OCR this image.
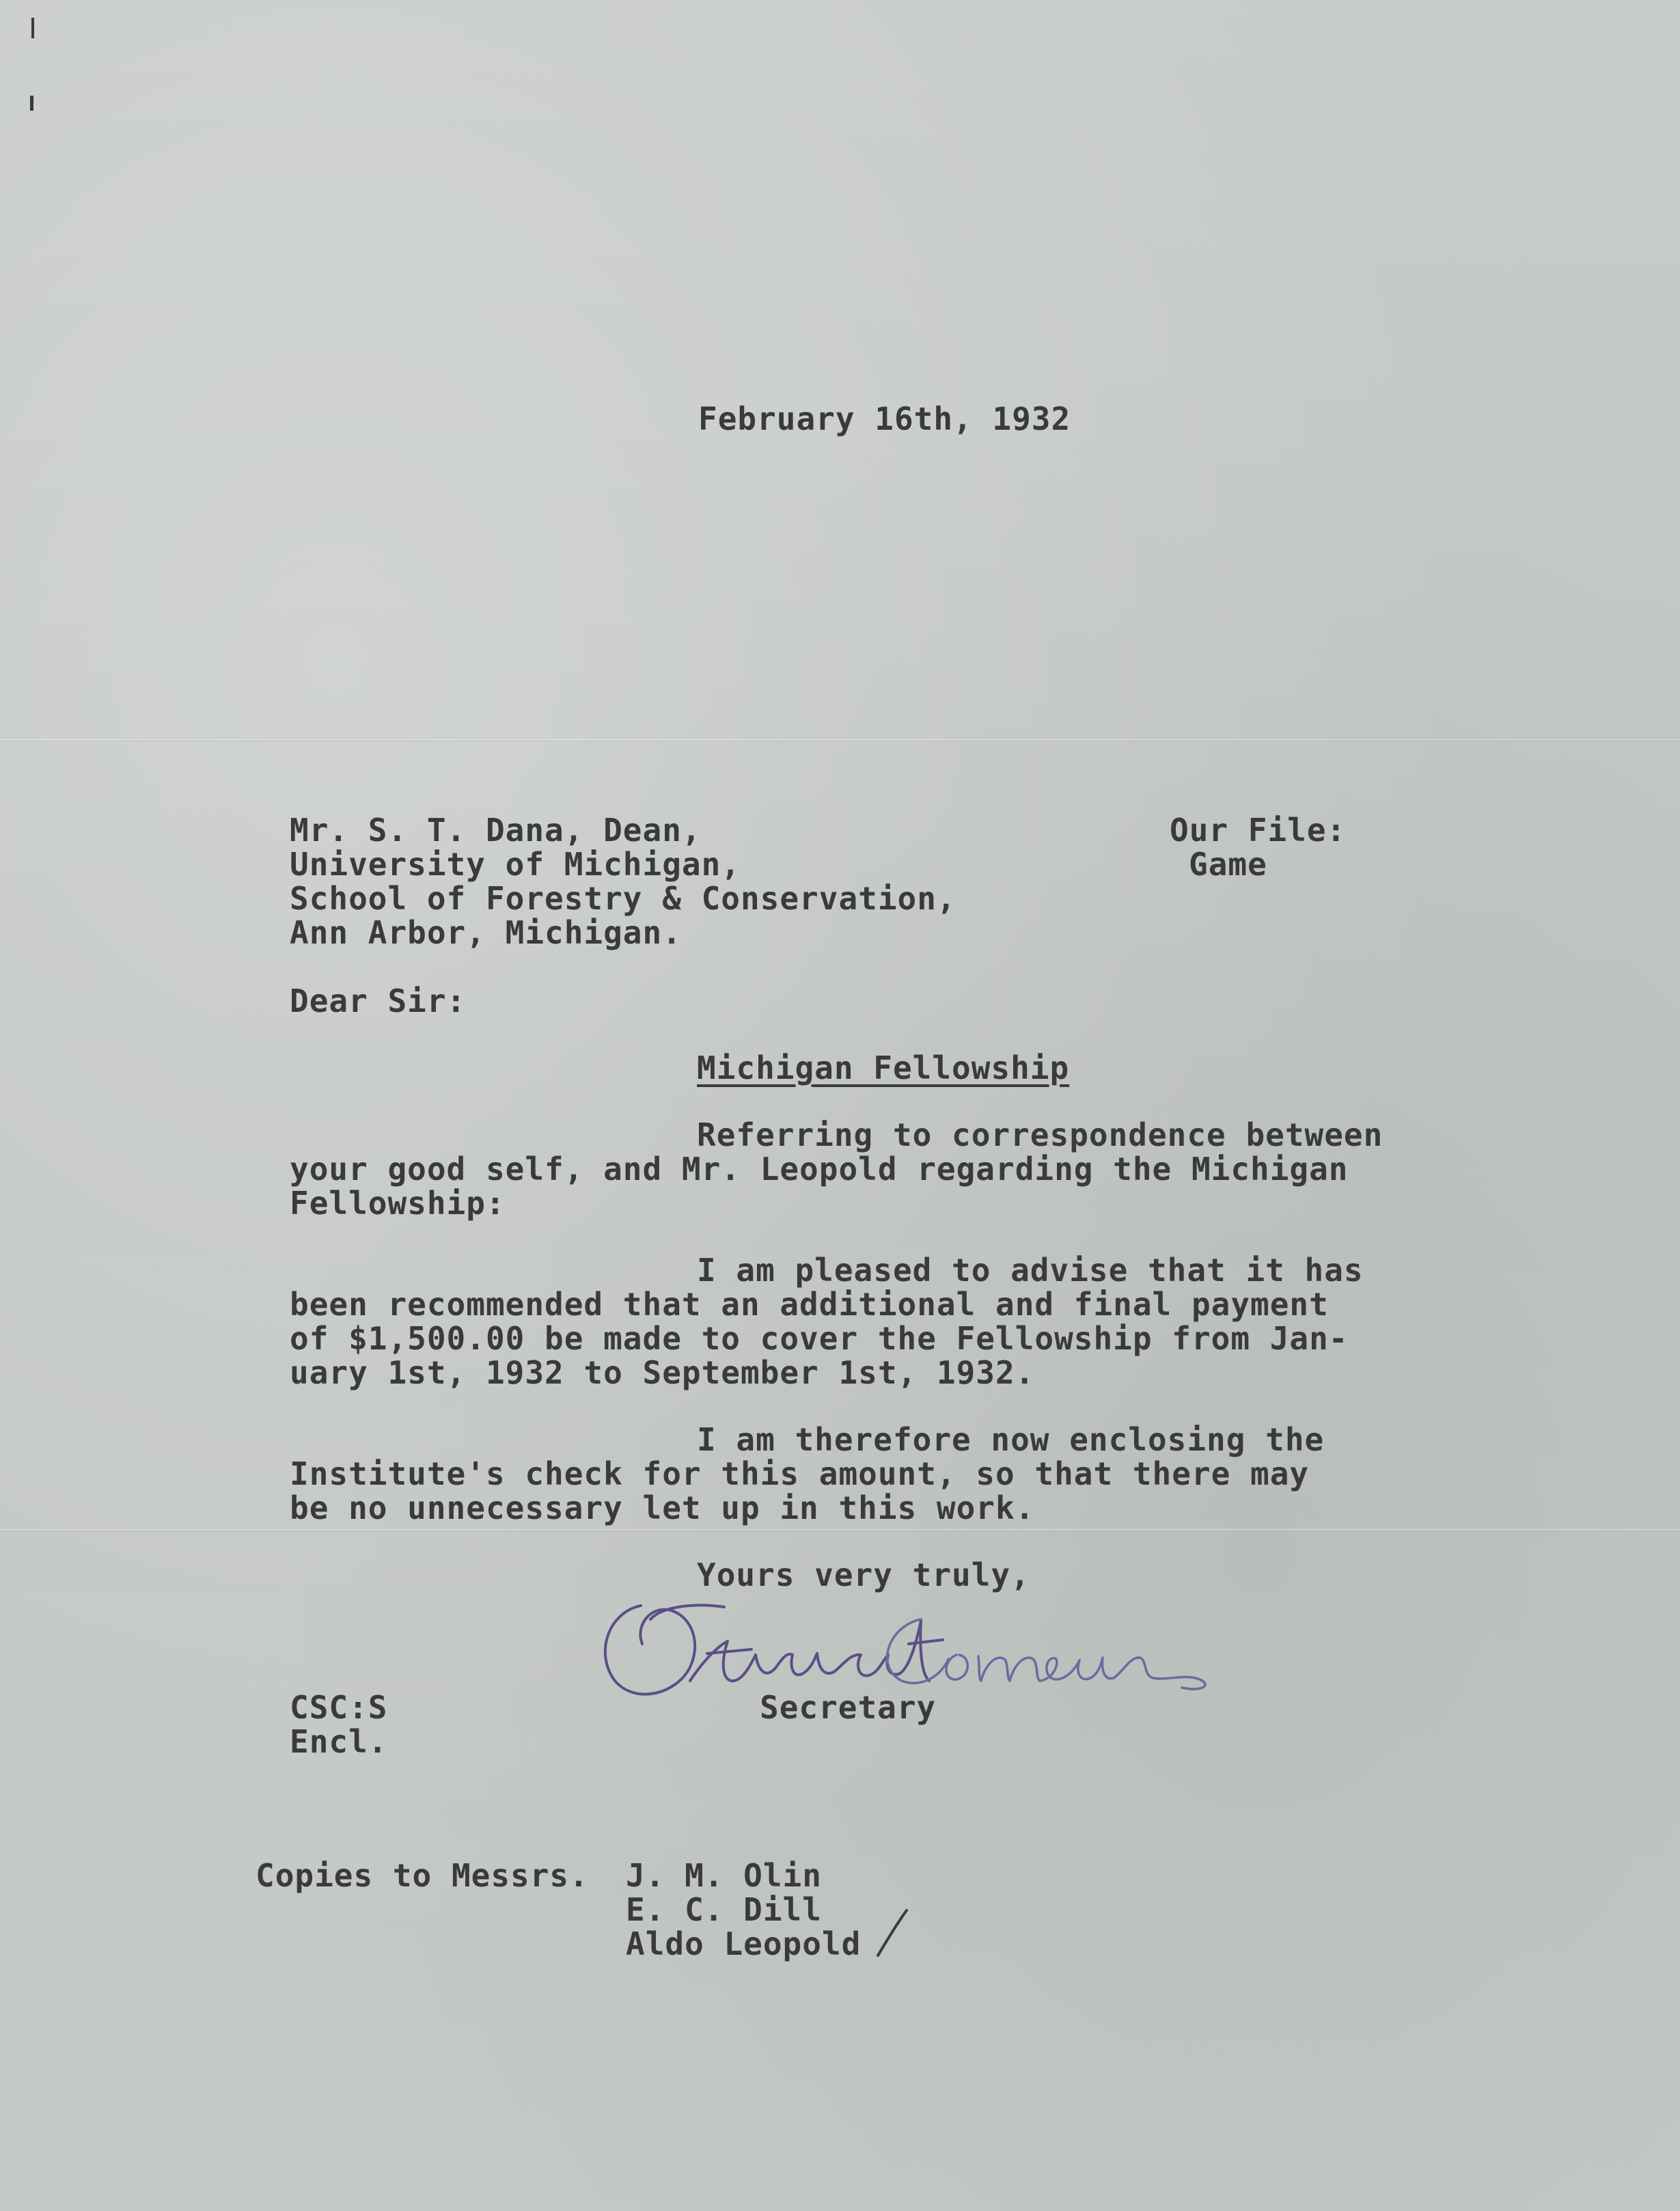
February 16th, 1932

Mr. S. T. Dana, Dean,

University of Michigan,

School of Forestry & Conservation,

Ann Arbor, Michigan.

Our File:

Game

Dear Sir:

Michigan Fellowship

Referring to correspondence between

your good self, and Mr. Leopold regarding the Michigan

Fellowship:

I am pleased to advise that it has

been recommended that an additional and final payment

of $1,500.00 be made to cover the Fellowship from Jan-

uary 1st, 1932 to September 1st, 1932.

I am therefore now enclosing the

Institute's check for this amount, so that there may

be no unnecessary let up in this work.

Yours very truly,

Secretary

CSC:S

Encl.

Copies to Messrs. J. M. Olin

E. C. Dill

Aldo Leopold
